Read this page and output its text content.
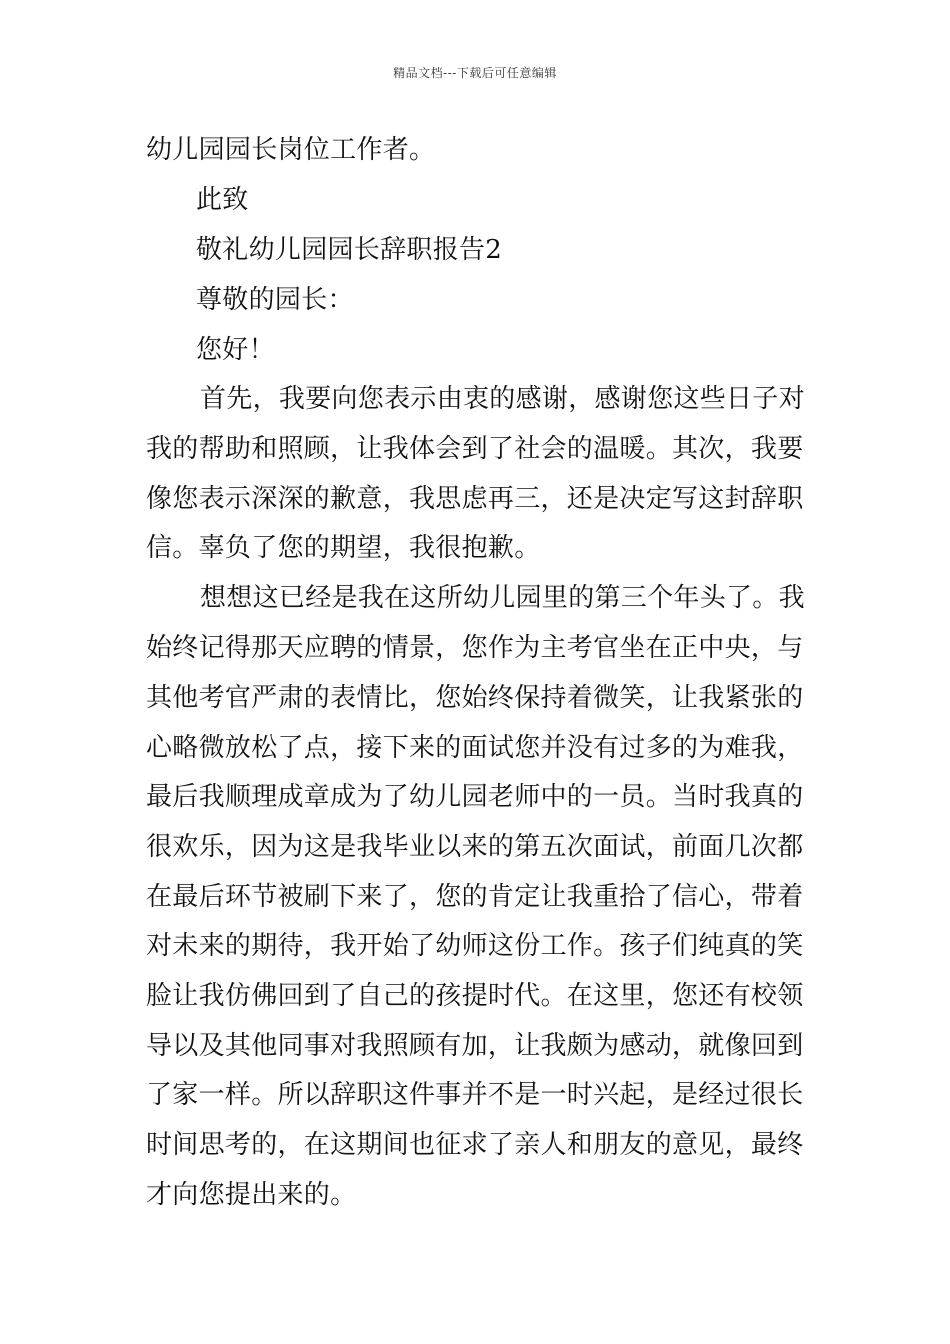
精品文档---下载后可任意编辑
幼儿园园长岗位工作者。
此致
敬礼幼儿园园长辞职报告2
尊敬的园长：
您好！
首先，我要向您表示由衷的感谢，感谢您这些日子对
我的帮助和照顾，让我体会到了社会的温暖。其次，我要
像您表示深深的歉意，我思虑再三，还是决定写这封辞职
信。辜负了您的期望，我很抱歉。
想想这已经是我在这所幼儿园里的第三个年头了。我
始终记得那天应聘的情景，您作为主考官坐在正中央，与
其他考官严肃的表情比，您始终保持着微笑，让我紧张的
心略微放松了点，接下来的面试您并没有过多的为难我，
最后我顺理成章成为了幼儿园老师中的一员。当时我真的
很欢乐，因为这是我毕业以来的第五次面试，前面几次都
在最后环节被刷下来了，您的肯定让我重拾了信心，带着
对未来的期待，我开始了幼师这份工作。孩子们纯真的笑
脸让我仿佛回到了自己的孩提时代。在这里，您还有校领
导以及其他同事对我照顾有加，让我颇为感动，就像回到
了家一样。所以辞职这件事并不是一时兴起，是经过很长
时间思考的，在这期间也征求了亲人和朋友的意见，最终
才向您提出来的。
